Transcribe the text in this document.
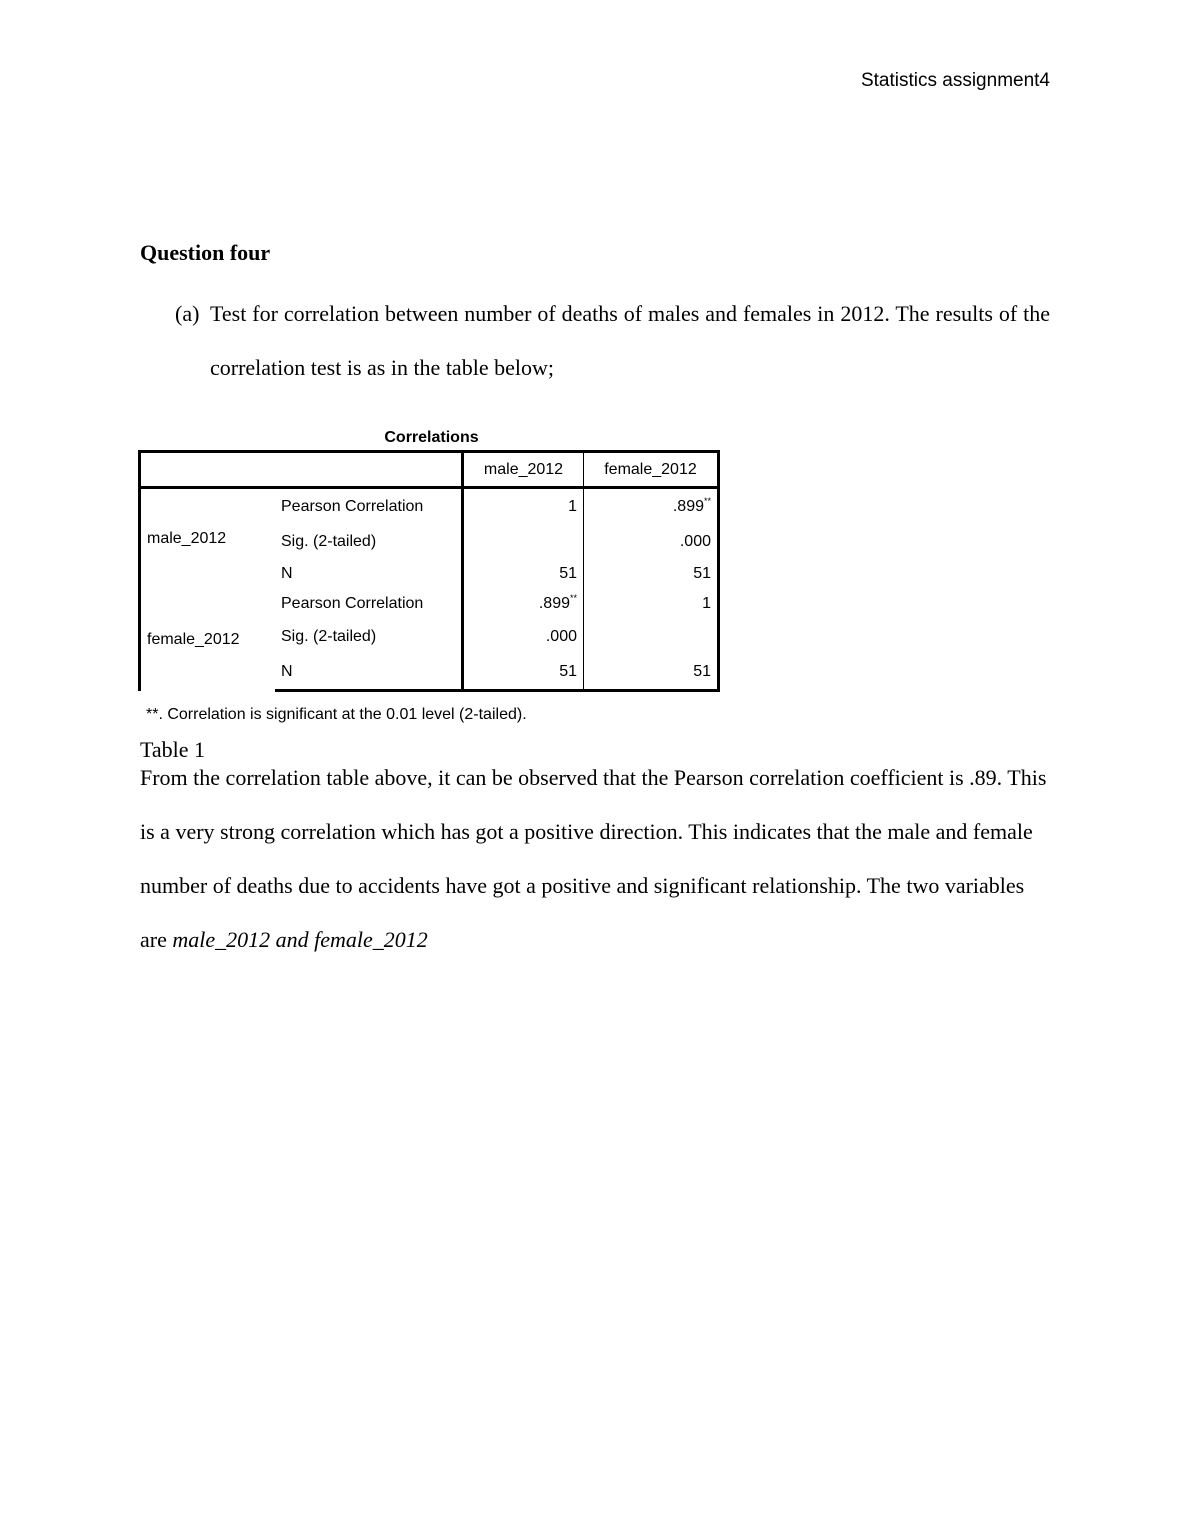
Statistics assignment4
Question four
(a) Test for correlation between number of deaths of males and females in 2012. The results of the correlation test is as in the table below;
Correlations
		male_2012	female_2012
male_2012	Pearson Correlation	1	.899**
	Sig. (2-tailed)		.000
	N	51	51
female_2012	Pearson Correlation	.899**	1
	Sig. (2-tailed)	.000	
	N	51	51
**. Correlation is significant at the 0.01 level (2-tailed).
Table 1
From the correlation table above, it can be observed that the Pearson correlation coefficient is .89. This is a very strong correlation which has got a positive direction. This indicates that the male and female number of deaths due to accidents have got a positive and significant relationship. The two variables are male_2012 and female_2012
